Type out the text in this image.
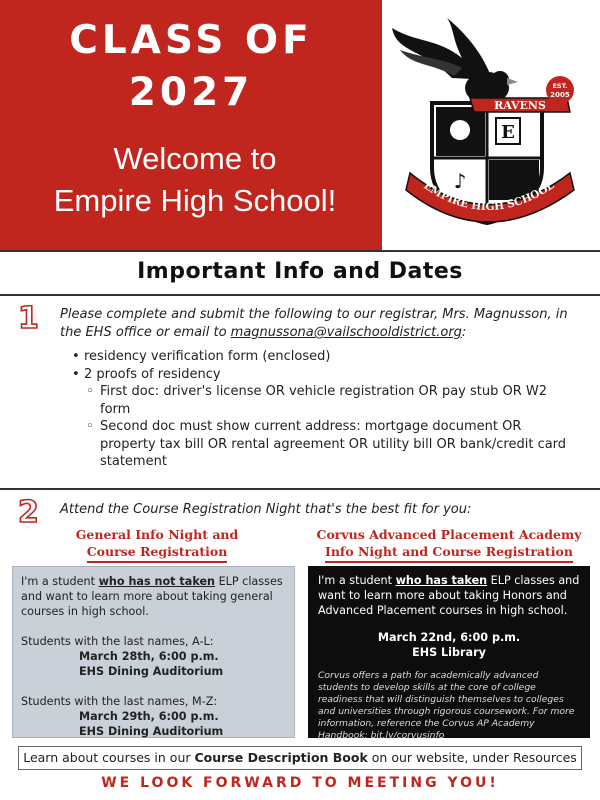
CLASS OF
2027
Welcome to
Empire High School!
E
♪
RAVENS
EST.
2005
EMPIRE HIGH SCHOOL
Important Info and Dates
1 Please complete and submit the following to our registrar, Mrs. Magnusson, in the EHS office or email to magnussona@vailschooldistrict.org:
• residency verification form (enclosed)
• 2 proofs of residency
◦ First doc: driver's license OR vehicle registration OR pay stub OR W2 form
◦ Second doc must show current address: mortgage document OR property tax bill OR rental agreement OR utility bill OR bank/credit card statement
2 Attend the Course Registration Night that's the best fit for you:
General Info Night and
Course Registration
Corvus Advanced Placement Academy
Info Night and Course Registration
I'm a student who has not taken ELP classes and want to learn more about taking general courses in high school.
Students with the last names, A-L:
March 28th, 6:00 p.m.
EHS Dining Auditorium
Students with the last names, M-Z:
March 29th, 6:00 p.m.
EHS Dining Auditorium
I'm a student who has taken ELP classes and want to learn more about taking Honors and Advanced Placement courses in high school.
March 22nd, 6:00 p.m.
EHS Library
Corvus offers a path for academically advanced students to develop skills at the core of college readiness that will distinguish themselves to colleges and universities through rigorous coursework. For more information, reference the Corvus AP Academy Handbook: bit.ly/corvusinfo
Learn about courses in our Course Description Book on our website, under Resources
WE LOOK FORWARD TO MEETING YOU!
